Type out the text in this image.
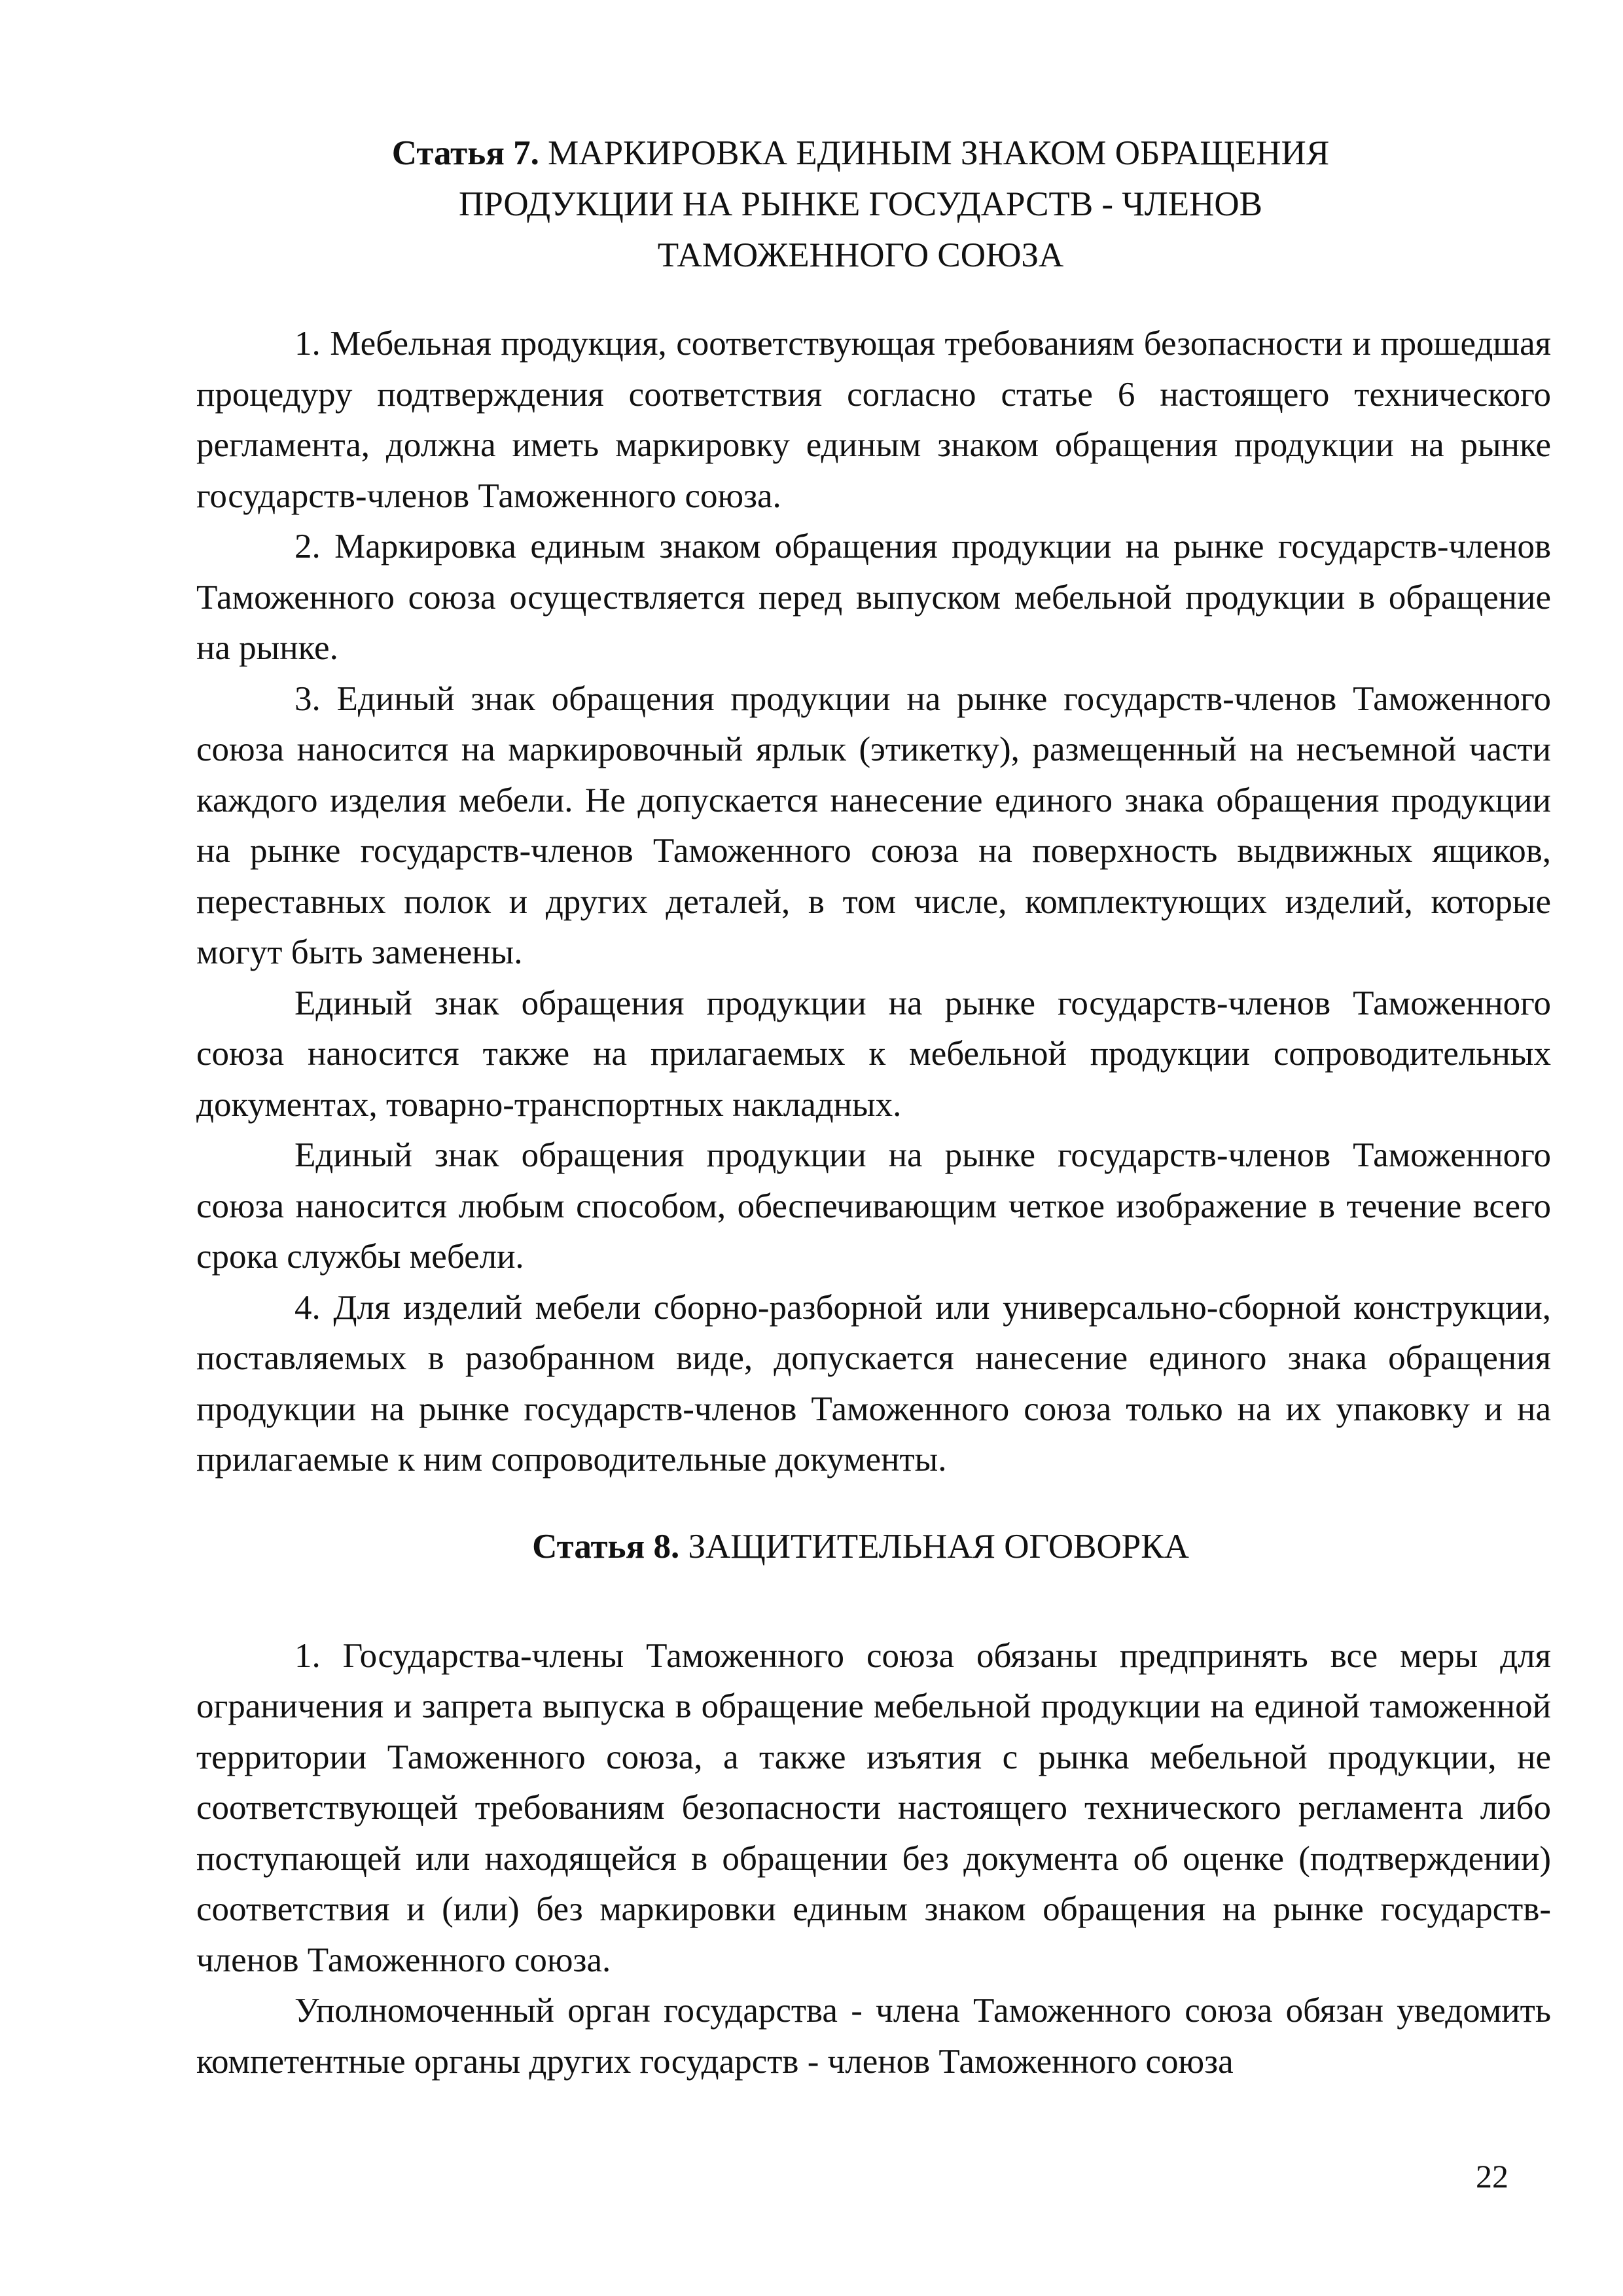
Статья 7. МАРКИРОВКА ЕДИНЫМ ЗНАКОМ ОБРАЩЕНИЯ ПРОДУКЦИИ НА РЫНКЕ ГОСУДАРСТВ - ЧЛЕНОВ ТАМОЖЕННОГО СОЮЗА

1. Мебельная продукция, соответствующая требованиям безопасности и прошедшая процедуру подтверждения соответствия согласно статье 6 настоящего технического регламента, должна иметь маркировку единым знаком обращения продукции на рынке государств-членов Таможенного союза.

2. Маркировка единым знаком обращения продукции на рынке государств-членов Таможенного союза осуществляется перед выпуском мебельной продукции в обращение на рынке.

3. Единый знак обращения продукции на рынке государств-членов Таможенного союза наносится на маркировочный ярлык (этикетку), размещенный на несъемной части каждого изделия мебели. Не допускается нанесение единого знака обращения продукции на рынке государств-членов Таможенного союза на поверхность выдвижных ящиков, переставных полок и других деталей, в том числе, комплектующих изделий, которые могут быть заменены.

Единый знак обращения продукции на рынке государств-членов Таможенного союза наносится также на прилагаемых к мебельной продукции сопроводительных документах, товарно-транспортных накладных.

Единый знак обращения продукции на рынке государств-членов Таможенного союза наносится любым способом, обеспечивающим четкое изображение в течение всего срока службы мебели.

4. Для изделий мебели сборно-разборной или универсально-сборной конструкции, поставляемых в разобранном виде, допускается нанесение единого знака обращения продукции на рынке государств-членов Таможенного союза только на их упаковку и на прилагаемые к ним сопроводительные документы.

Статья 8. ЗАЩИТИТЕЛЬНАЯ ОГОВОРКА

1. Государства-члены Таможенного союза обязаны предпринять все меры для ограничения и запрета выпуска в обращение мебельной продукции на единой таможенной территории Таможенного союза, а также изъятия с рынка мебельной продукции, не соответствующей требованиям безопасности настоящего технического регламента либо поступающей или находящейся в обращении без документа об оценке (подтверждении) соответствия и (или) без маркировки единым знаком обращения на рынке государств-членов Таможенного союза.

Уполномоченный орган государства - члена Таможенного союза обязан уведомить компетентные органы других государств - членов Таможенного союза

22
